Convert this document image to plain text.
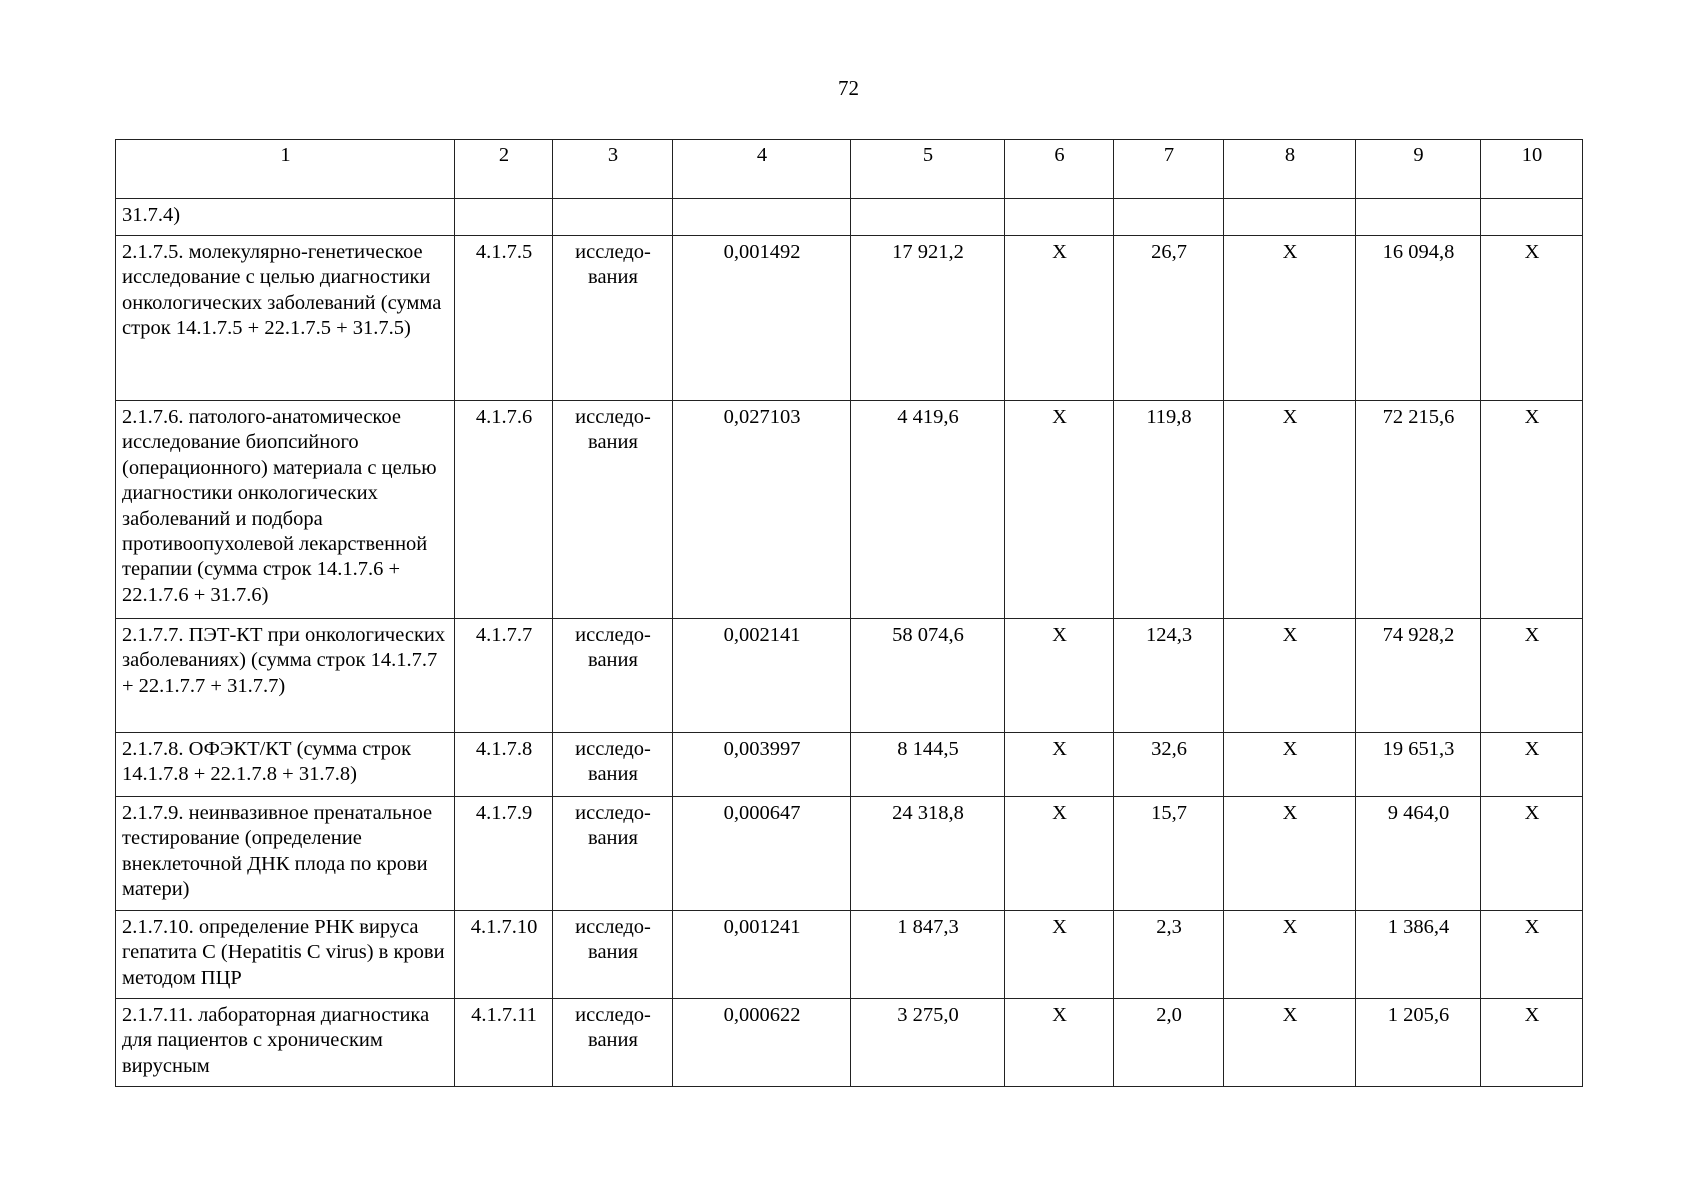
72
1	2	3	4	5	6	7	8	9	10
31.7.4)									
2.1.7.5. молекулярно-генетическое исследование с целью диагностики онкологических заболеваний (сумма строк 14.1.7.5 + 22.1.7.5 + 31.7.5)	4.1.7.5	исследо-вания	0,001492	17 921,2	Х	26,7	Х	16 094,8	Х
2.1.7.6. патолого-анатомическое исследование биопсийного (операционного) материала с целью диагностики онкологических заболеваний и подбора противоопухолевой лекарственной терапии (сумма строк 14.1.7.6 + 22.1.7.6 + 31.7.6)	4.1.7.6	исследо-вания	0,027103	4 419,6	Х	119,8	Х	72 215,6	Х
2.1.7.7. ПЭТ-КТ при онкологических заболеваниях) (сумма строк 14.1.7.7 + 22.1.7.7 + 31.7.7)	4.1.7.7	исследо-вания	0,002141	58 074,6	Х	124,3	Х	74 928,2	Х
2.1.7.8. ОФЭКТ/КТ (сумма строк 14.1.7.8 + 22.1.7.8 + 31.7.8)	4.1.7.8	исследо-вания	0,003997	8 144,5	Х	32,6	Х	19 651,3	Х
2.1.7.9. неинвазивное пренатальное тестирование (определение внеклеточной ДНК плода по крови матери)	4.1.7.9	исследо-вания	0,000647	24 318,8	Х	15,7	Х	9 464,0	Х
2.1.7.10. определение РНК вируса гепатита С (Hepatitis C virus) в крови методом ПЦР	4.1.7.10	исследо-вания	0,001241	1 847,3	Х	2,3	Х	1 386,4	Х
2.1.7.11. лабораторная диагностика для пациентов с хроническим вирусным	4.1.7.11	исследо-вания	0,000622	3 275,0	Х	2,0	Х	1 205,6	Х
